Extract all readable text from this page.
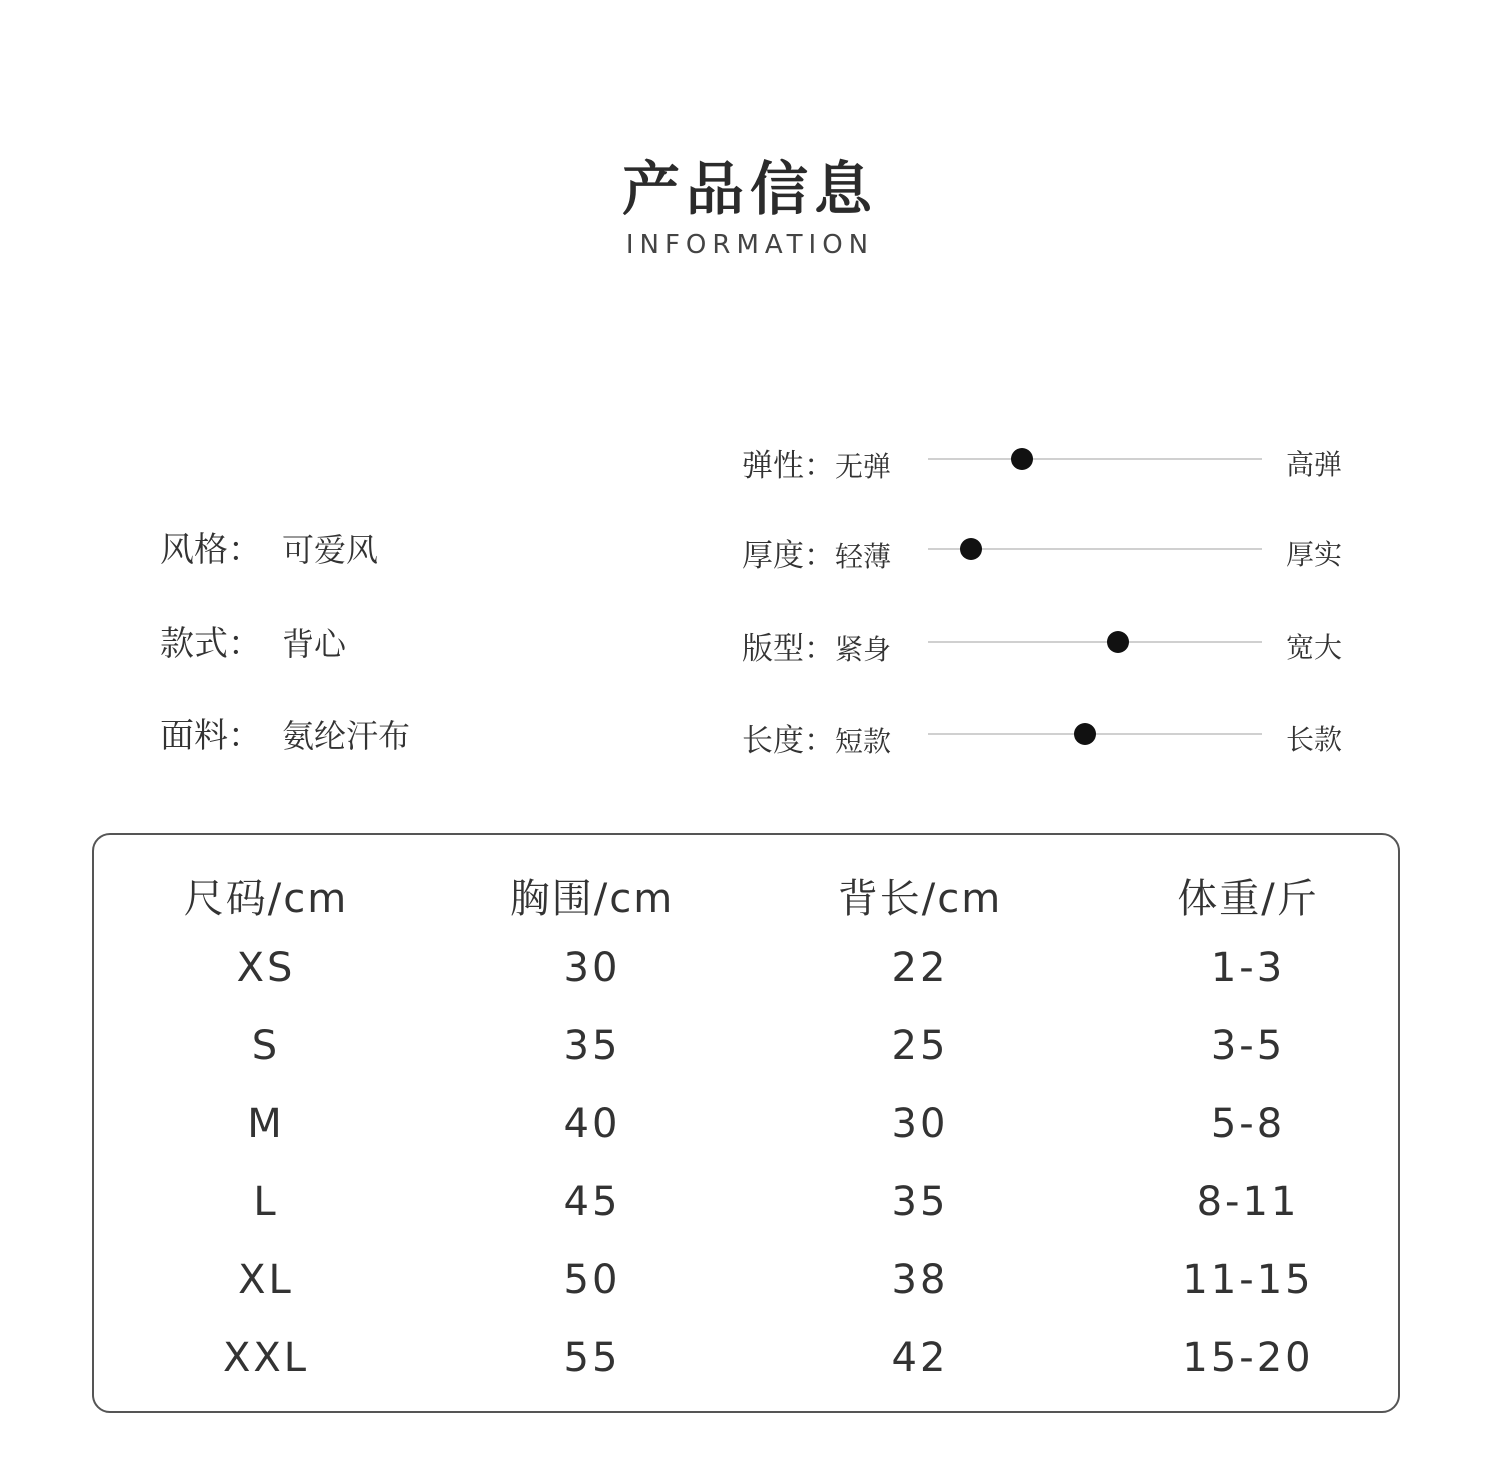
产品信息
INFORMATION
风格： 可爱风
款式： 背心
面料： 氨纶汗布
弹性：无弹	高弹
厚度：轻薄	厚实
版型：紧身	宽大
长度：短款	长款
尺码/cm	胸围/cm	背长/cm	体重/斤
XS	30	22	1-3
S	35	25	3-5
M	40	30	5-8
L	45	35	8-11
XL	50	38	11-15
XXL	55	42	15-20
